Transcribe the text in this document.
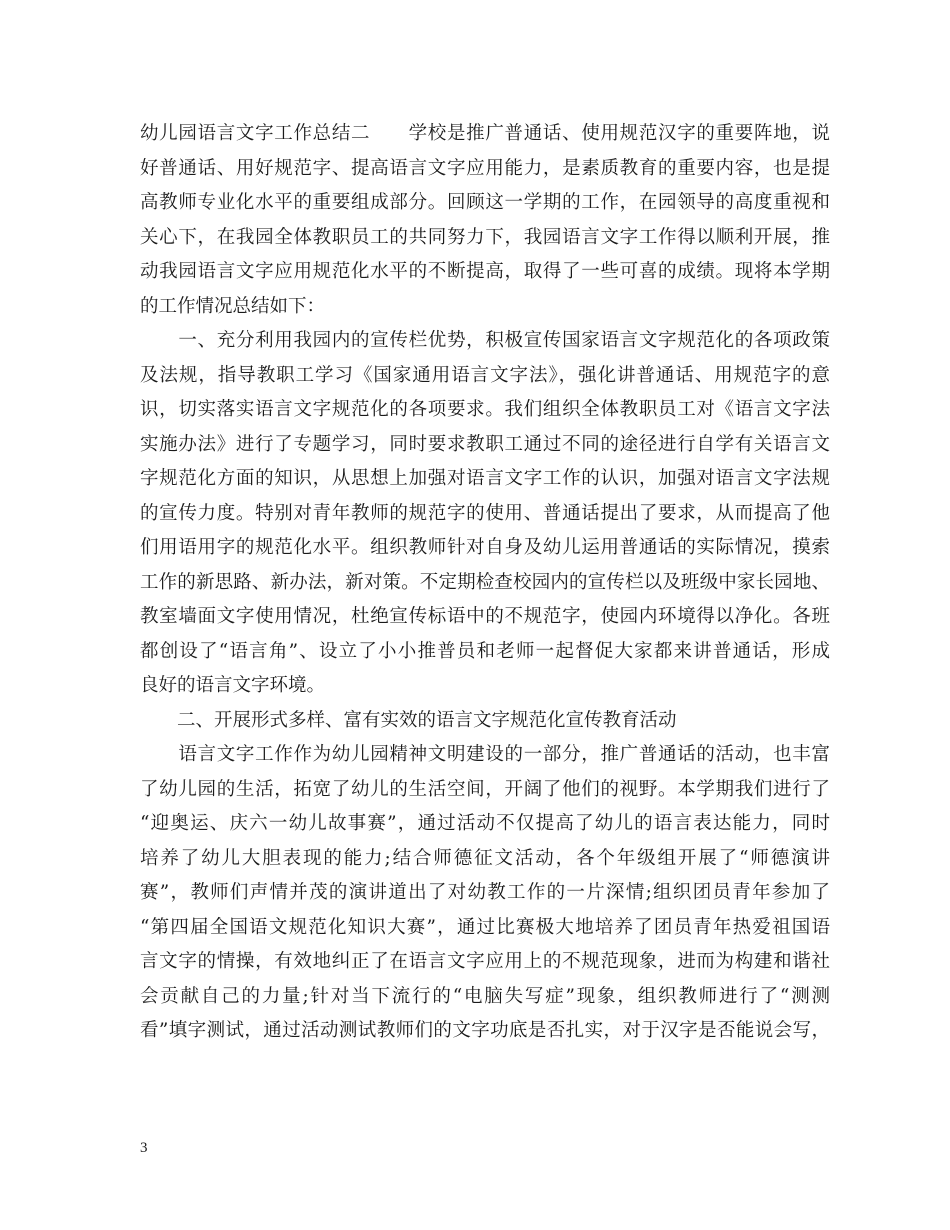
幼儿园语言文字工作总结二　　学校是推广普通话、使用规范汉字的重要阵地，说
好普通话、用好规范字、提高语言文字应用能力，是素质教育的重要内容，也是提
高教师专业化水平的重要组成部分。回顾这一学期的工作，在园领导的高度重视和
关心下，在我园全体教职员工的共同努力下，我园语言文字工作得以顺利开展，推
动我园语言文字应用规范化水平的不断提高，取得了一些可喜的成绩。现将本学期
的工作情况总结如下：
　　一、充分利用我园内的宣传栏优势，积极宣传国家语言文字规范化的各项政策
及法规，指导教职工学习《国家通用语言文字法》，强化讲普通话、用规范字的意
识，切实落实语言文字规范化的各项要求。我们组织全体教职员工对《语言文字法
实施办法》进行了专题学习，同时要求教职工通过不同的途径进行自学有关语言文
字规范化方面的知识，从思想上加强对语言文字工作的认识，加强对语言文字法规
的宣传力度。特别对青年教师的规范字的使用、普通话提出了要求，从而提高了他
们用语用字的规范化水平。组织教师针对自身及幼儿运用普通话的实际情况，摸索
工作的新思路、新办法，新对策。不定期检查校园内的宣传栏以及班级中家长园地、
教室墙面文字使用情况，杜绝宣传标语中的不规范字，使园内环境得以净化。各班
都创设了“语言角”、设立了小小推普员和老师一起督促大家都来讲普通话，形成
良好的语言文字环境。
　　二、开展形式多样、富有实效的语言文字规范化宣传教育活动
　　语言文字工作作为幼儿园精神文明建设的一部分，推广普通话的活动，也丰富
了幼儿园的生活，拓宽了幼儿的生活空间，开阔了他们的视野。本学期我们进行了
“迎奥运、庆六一幼儿故事赛”，通过活动不仅提高了幼儿的语言表达能力，同时
培养了幼儿大胆表现的能力;结合师德征文活动，各个年级组开展了“师德演讲
赛”，教师们声情并茂的演讲道出了对幼教工作的一片深情;组织团员青年参加了
“第四届全国语文规范化知识大赛”，通过比赛极大地培养了团员青年热爱祖国语
言文字的情操，有效地纠正了在语言文字应用上的不规范现象，进而为构建和谐社
会贡献自己的力量;针对当下流行的“电脑失写症”现象，组织教师进行了“测测
看”填字测试，通过活动测试教师们的文字功底是否扎实，对于汉字是否能说会写，
3
